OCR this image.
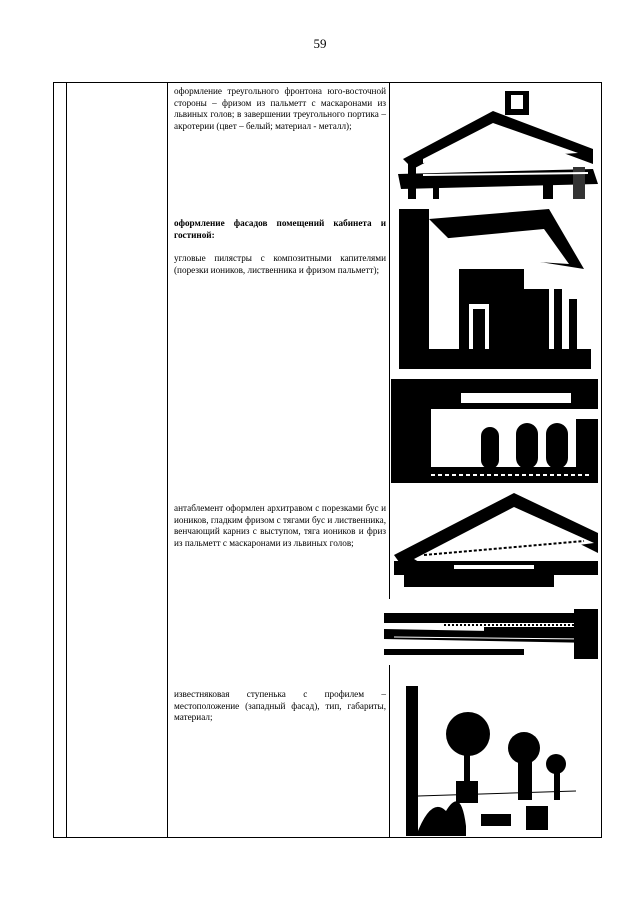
59

оформление треугольного фронтона юго-восточной стороны – фризом из пальметт с маскаронами из львиных голов; в завершении треугольного портика – акротерии (цвет – белый; материал - металл);

оформление фасадов помещений кабинета и гостиной:

угловые пилястры с композитными капителями (порезки иоников, лиственника и фризом пальметт);

антаблемент оформлен архитравом с порезками бус и иоников, гладким фризом с тягами бус и лиственника, венчающий карниз с выступом, тяга иоников и фриз из пальметт с маскаронами из львиных голов;

известняковая ступенька с профилем – местоположение (западный фасад), тип, габариты, материал;
